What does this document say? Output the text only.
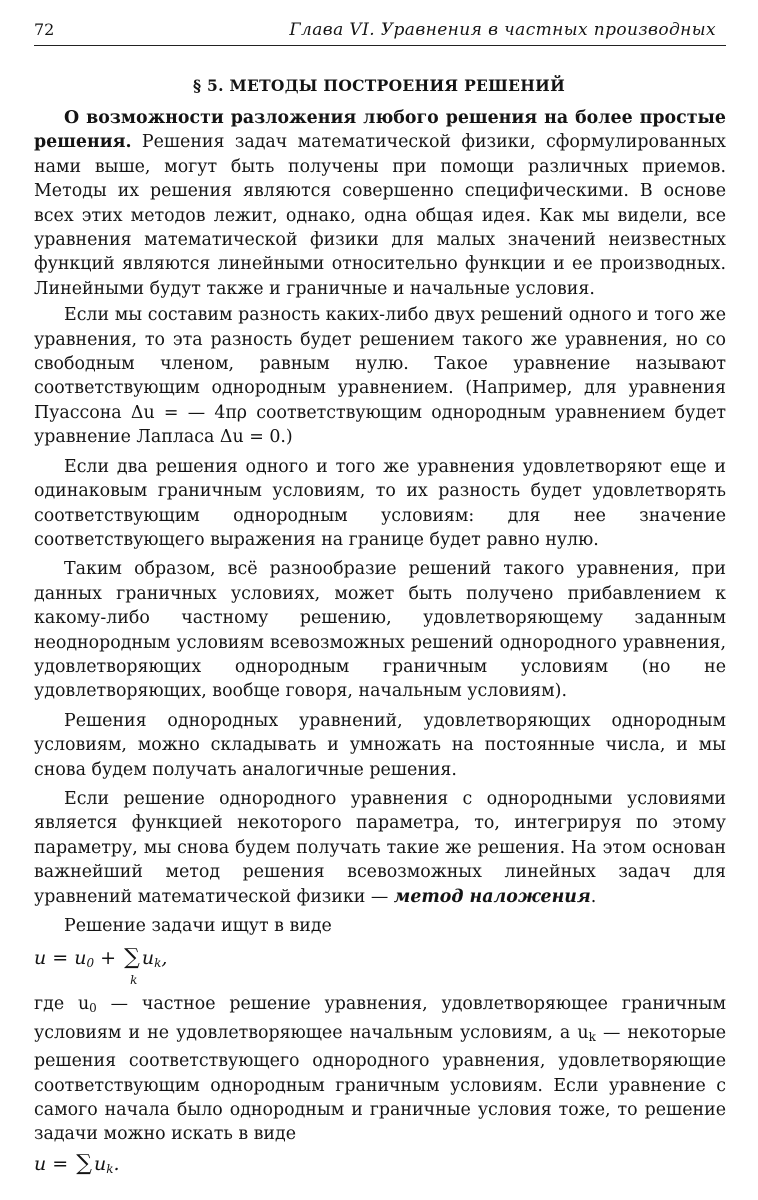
72	Глава VI. Уравнения в частных производных
§ 5. МЕТОДЫ ПОСТРОЕНИЯ РЕШЕНИЙ

О возможности разложения любого решения на более простые решения. Решения задач математической физики, сформулированных нами выше, могут быть получены при помощи различных приемов. Методы их решения являются совершенно специфическими. В основе всех этих методов лежит, однако, одна общая идея. Как мы видели, все уравнения математической физики для малых значений неизвестных функций являются линейными относительно функции и ее производных. Линейными будут также и граничные и начальные условия.

Если мы составим разность каких-либо двух решений одного и того же уравнения, то эта разность будет решением такого же уравнения, но со свободным членом, равным нулю. Такое уравнение называют соответствующим однородным уравнением. (Например, для уравнения Пуассона Δu = — 4πρ соответствующим однородным уравнением будет уравнение Лапласа Δu = 0.)

Если два решения одного и того же уравнения удовлетворяют еще и одинаковым граничным условиям, то их разность будет удовлетворять соответствующим однородным условиям: для нее значение соответствующего выражения на границе будет равно нулю.

Таким образом, всё разнообразие решений такого уравнения, при данных граничных условиях, может быть получено прибавлением к какому-либо частному решению, удовлетворяющему заданным неоднородным условиям всевозможных решений однородного уравнения, удовлетворяющих однородным граничным условиям (но не удовлетворяющих, вообще говоря, начальным условиям).

Решения однородных уравнений, удовлетворяющих однородным условиям, можно складывать и умножать на постоянные числа, и мы снова будем получать аналогичные решения.

Если решение однородного уравнения с однородными условиями является функцией некоторого параметра, то, интегрируя по этому параметру, мы снова будем получать такие же решения. На этом основан важнейший метод решения всевозможных линейных задач для уравнений математической физики — метод наложения.

Решение задачи ищут в виде

$u = u_0$ + ∑
k
$u_k$,

где $u_0$ — частное решение уравнения, удовлетворяющее граничным условиям и не удовлетворяющее начальным условиям, а $u_k$ — некоторые решения соответствующего однородного уравнения, удовлетворяющие соответствующим однородным граничным условиям. Если уравнение с самого начала было однородным и граничные условия тоже, то решение задачи можно искать в виде

u = ∑ $u_k$.
